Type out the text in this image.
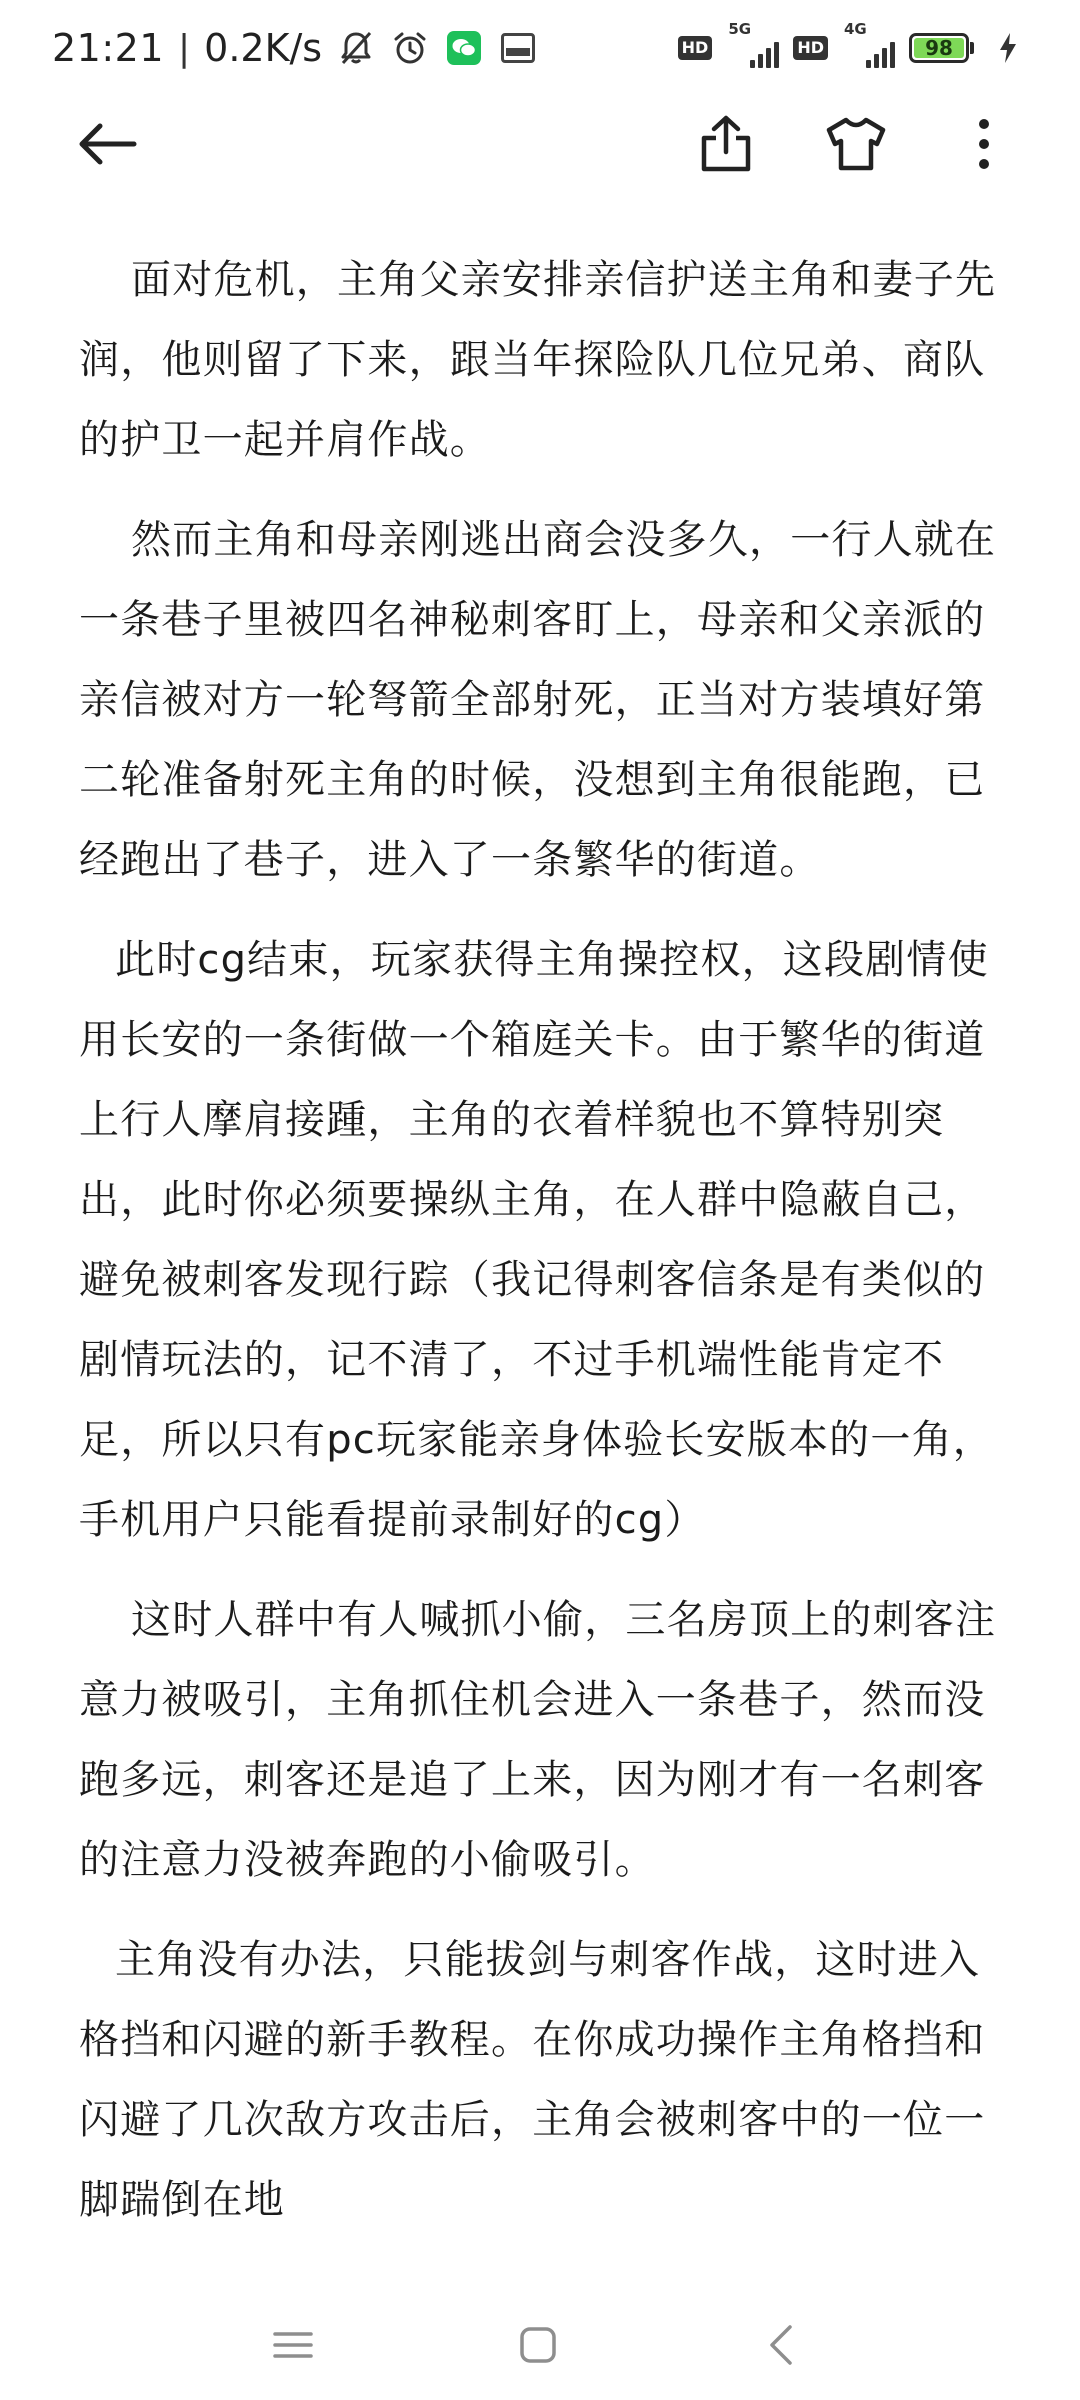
21:21 | 0.2K/s	HD
5G
HD
4G
98

面对危机，主角父亲安排亲信护送主角和妻子先润，他则留了下来，跟当年探险队几位兄弟、商队的护卫一起并肩作战。

然而主角和母亲刚逃出商会没多久，一行人就在一条巷子里被四名神秘刺客盯上，母亲和父亲派的亲信被对方一轮弩箭全部射死，正当对方装填好第二轮准备射死主角的时候，没想到主角很能跑，已经跑出了巷子，进入了一条繁华的街道。

此时cg结束，玩家获得主角操控权，这段剧情使用长安的一条街做一个箱庭关卡。由于繁华的街道上行人摩肩接踵，主角的衣着样貌也不算特别突出，此时你必须要操纵主角，在人群中隐蔽自己，避免被刺客发现行踪（我记得刺客信条是有类似的剧情玩法的，记不清了，不过手机端性能肯定不足，所以只有pc玩家能亲身体验长安版本的一角，手机用户只能看提前录制好的cg）

这时人群中有人喊抓小偷，三名房顶上的刺客注意力被吸引，主角抓住机会进入一条巷子，然而没跑多远，刺客还是追了上来，因为刚才有一名刺客的注意力没被奔跑的小偷吸引。

主角没有办法，只能拔剑与刺客作战，这时进入格挡和闪避的新手教程。在你成功操作主角格挡和闪避了几次敌方攻击后，主角会被刺客中的一位一脚踹倒在地
